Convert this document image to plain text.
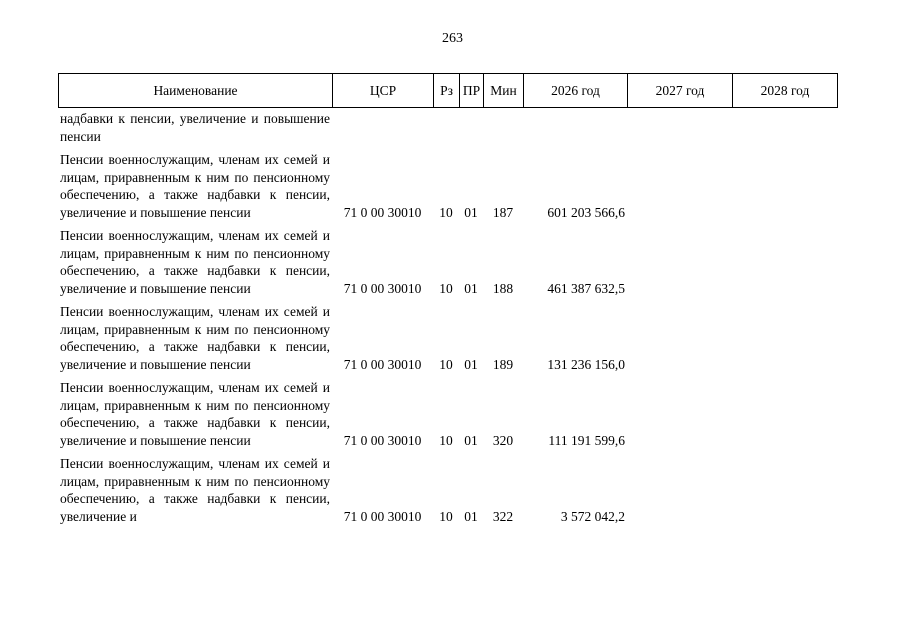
263
Наименование	ЦСР	Рз ПР Мин	2026 год	2027 год	2028 год
надбавки к пенсии, увеличение и повышение пенсии
Пенсии военнослужащим, членам их семей и лицам, приравненным к ним по пенсионному обеспечению, а также надбавки к пенсии, увеличение и повышение пенсии	71 0 00 30010	10 01	187	601 203 566,6
Пенсии военнослужащим, членам их семей и лицам, приравненным к ним по пенсионному обеспечению, а также надбавки к пенсии, увеличение и повышение пенсии	71 0 00 30010	10 01	188	461 387 632,5
Пенсии военнослужащим, членам их семей и лицам, приравненным к ним по пенсионному обеспечению, а также надбавки к пенсии, увеличение и повышение пенсии	71 0 00 30010	10 01	189	131 236 156,0
Пенсии военнослужащим, членам их семей и лицам, приравненным к ним по пенсионному обеспечению, а также надбавки к пенсии, увеличение и повышение пенсии	71 0 00 30010	10 01	320	111 191 599,6
Пенсии военнослужащим, членам их семей и лицам, приравненным к ним по пенсионному обеспечению, а также надбавки к пенсии, увеличение и	71 0 00 30010	10 01	322	3 572 042,2
